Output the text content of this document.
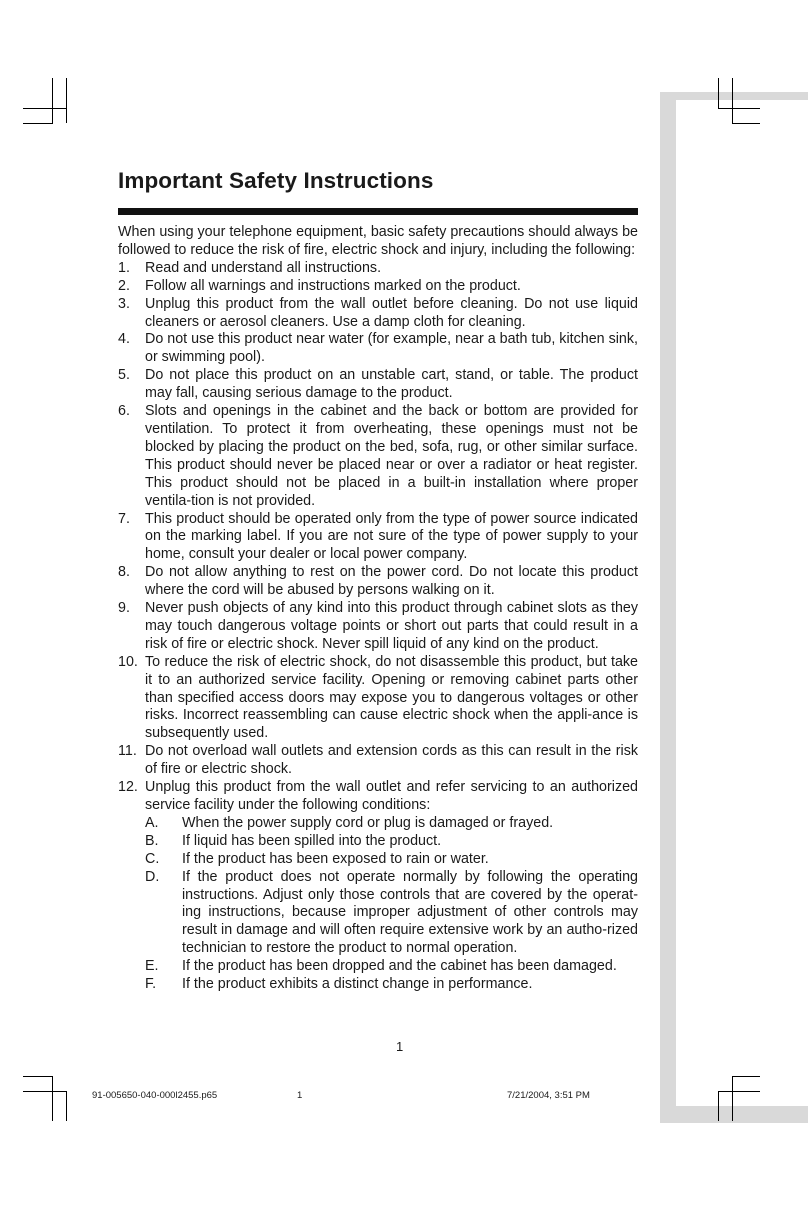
Important Safety Instructions

When using your telephone equipment, basic safety precautions should always be followed to reduce the risk of fire, electric shock and injury, including the following:

1. Read and understand all instructions.
2. Follow all warnings and instructions marked on the product.
3. Unplug this product from the wall outlet before cleaning. Do not use liquid cleaners or aerosol cleaners. Use a damp cloth for cleaning.
4. Do not use this product near water (for example, near a bath tub, kitchen sink, or swimming pool).
5. Do not place this product on an unstable cart, stand, or table. The product may fall, causing serious damage to the product.
6. Slots and openings in the cabinet and the back or bottom are provided for ventilation. To protect it from overheating, these openings must not be blocked by placing the product on the bed, sofa, rug, or other similar surface. This product should never be placed near or over a radiator or heat register. This product should not be placed in a built-in installation where proper ventila-tion is not provided.
7. This product should be operated only from the type of power source indicated on the marking label. If you are not sure of the type of power supply to your home, consult your dealer or local power company.
8. Do not allow anything to rest on the power cord. Do not locate this product where the cord will be abused by persons walking on it.
9. Never push objects of any kind into this product through cabinet slots as they may touch dangerous voltage points or short out parts that could result in a risk of fire or electric shock. Never spill liquid of any kind on the product.
10. To reduce the risk of electric shock, do not disassemble this product, but take it to an authorized service facility. Opening or removing cabinet parts other than specified access doors may expose you to dangerous voltages or other risks. Incorrect reassembling can cause electric shock when the appli-ance is subsequently used.
11. Do not overload wall outlets and extension cords as this can result in the risk of fire or electric shock.
12. Unplug this product from the wall outlet and refer servicing to an authorized service facility under the following conditions:
A. When the power supply cord or plug is damaged or frayed.
B. If liquid has been spilled into the product.
C. If the product has been exposed to rain or water.
D. If the product does not operate normally by following the operating instructions. Adjust only those controls that are covered by the operat-ing instructions, because improper adjustment of other controls may result in damage and will often require extensive work by an autho-rized technician to restore the product to normal operation.
E. If the product has been dropped and the cabinet has been damaged.
F. If the product exhibits a distinct change in performance.
1
91-005650-040-000l2455.p65	1	7/21/2004, 3:51 PM
